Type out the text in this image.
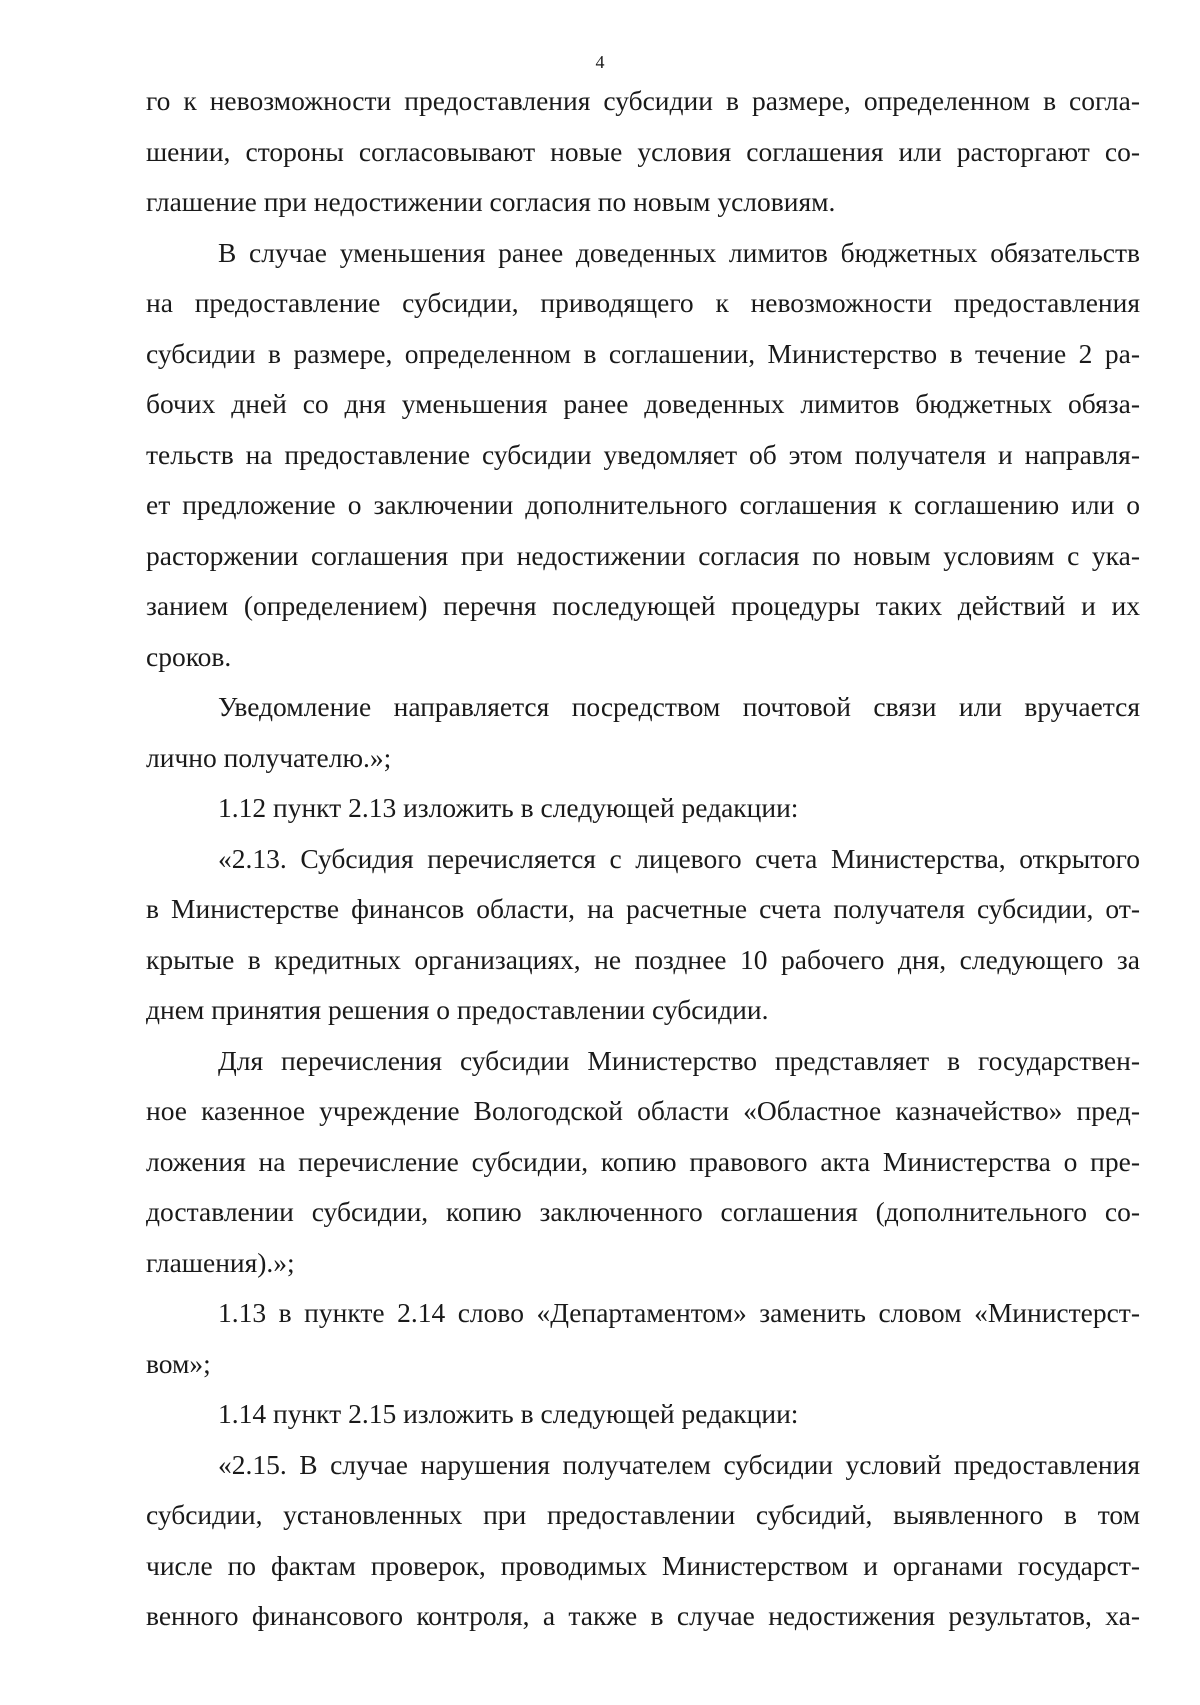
4
го к невозможности предоставления субсидии в размере, определенном в согла-
шении, стороны согласовывают новые условия соглашения или расторгают со-
глашение при недостижении согласия по новым условиям.
В случае уменьшения ранее доведенных лимитов бюджетных обязательств
на предоставление субсидии, приводящего к невозможности предоставления
субсидии в размере, определенном в соглашении, Министерство в течение 2 ра-
бочих дней со дня уменьшения ранее доведенных лимитов бюджетных обяза-
тельств на предоставление субсидии уведомляет об этом получателя и направля-
ет предложение о заключении дополнительного соглашения к соглашению или о
расторжении соглашения при недостижении согласия по новым условиям с ука-
занием (определением) перечня последующей процедуры таких действий и их
сроков.
Уведомление направляется посредством почтовой связи или вручается
лично получателю.»;
1.12 пункт 2.13 изложить в следующей редакции:
«2.13. Субсидия перечисляется с лицевого счета Министерства, открытого
в Министерстве финансов области, на расчетные счета получателя субсидии, от-
крытые в кредитных организациях, не позднее 10 рабочего дня, следующего за
днем принятия решения о предоставлении субсидии.
Для перечисления субсидии Министерство представляет в государствен-
ное казенное учреждение Вологодской области «Областное казначейство» пред-
ложения на перечисление субсидии, копию правового акта Министерства о пре-
доставлении субсидии, копию заключенного соглашения (дополнительного со-
глашения).»;
1.13 в пункте 2.14 слово «Департаментом» заменить словом «Министерст-
вом»;
1.14 пункт 2.15 изложить в следующей редакции:
«2.15. В случае нарушения получателем субсидии условий предоставления
субсидии, установленных при предоставлении субсидий, выявленного в том
числе по фактам проверок, проводимых Министерством и органами государст-
венного финансового контроля, а также в случае недостижения результатов, ха-
